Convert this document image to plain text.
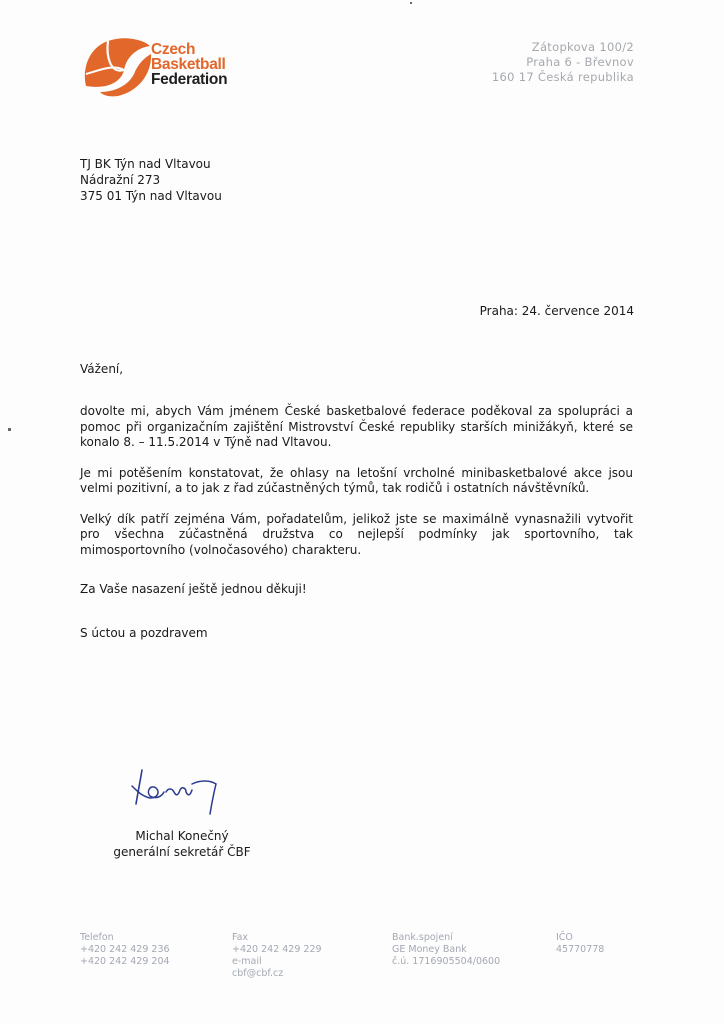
Czech
Basketball
Federation
Zátopkova 100/2
Praha 6 - Břevnov
160 17 Česká republika
TJ BK Týn nad Vltavou
Nádražní 273
375 01 Týn nad Vltavou
Praha: 24. července 2014
Vážení,

dovolte mi, abych Vám jménem České basketbalové federace poděkoval za spolupráci a pomoc při organizačním zajištění Mistrovství České republiky starších minižákyň, které se konalo 8. – 11.5.2014 v Týně nad Vltavou.

Je mi potěšením konstatovat, že ohlasy na letošní vrcholné minibasketbalové akce jsou velmi pozitivní, a to jak z řad zúčastněných týmů, tak rodičů i ostatních návštěvníků.

Velký dík patří zejména Vám, pořadatelům, jelikož jste se maximálně vynasnažili vytvořit pro všechna zúčastněná družstva co nejlepší podmínky jak sportovního, tak mimosportovního (volnočasového) charakteru.

Za Vaše nasazení ještě jednou děkuji!
S úctou a pozdravem
Michal Konečný
generální sekretář ČBF
Telefon
+420 242 429 236
+420 242 429 204
Fax
+420 242 429 229
e-mail
cbf@cbf.cz
Bank.spojení
GE Money Bank
č.ú. 1716905504/0600
IČO
45770778
